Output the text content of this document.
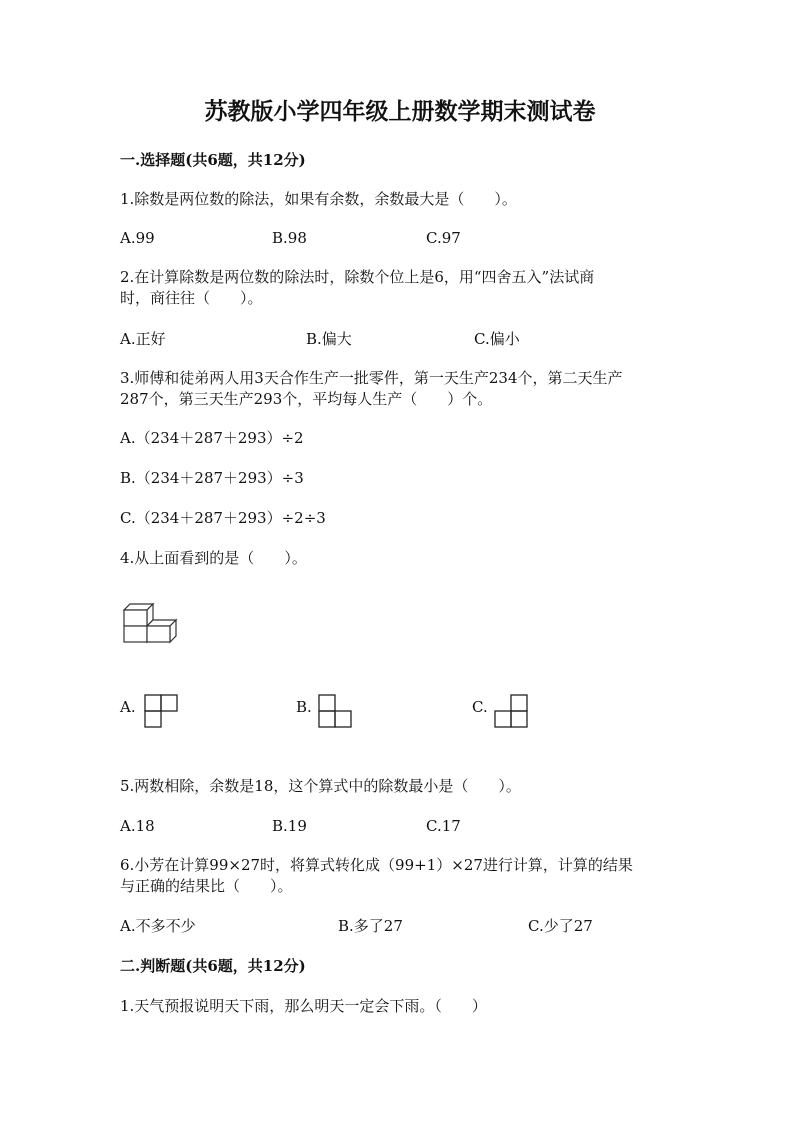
苏教版小学四年级上册数学期末测试卷
一.选择题(共6题，共12分)
1.除数是两位数的除法，如果有余数，余数最大是（　　）。
A.99	B.98	C.97
2.在计算除数是两位数的除法时，除数个位上是6，用“四舍五入”法试商
时，商往往（　　）。
A.正好	B.偏大	C.偏小
3.师傅和徒弟两人用3天合作生产一批零件，第一天生产234个，第二天生产
287个，第三天生产293个，平均每人生产（　　）个。
A.（234＋287＋293）÷2
B.（234＋287＋293）÷3
C.（234＋287＋293）÷2÷3
4.从上面看到的是（　　）。
A.	B.	C.
5.两数相除，余数是18，这个算式中的除数最小是（　　）。
A.18	B.19	C.17
6.小芳在计算99×27时，将算式转化成（99+1）×27进行计算，计算的结果
与正确的结果比（　　）。
A.不多不少	B.多了27	C.少了27
二.判断题(共6题，共12分)
1.天气预报说明天下雨，那么明天一定会下雨。（　　）
